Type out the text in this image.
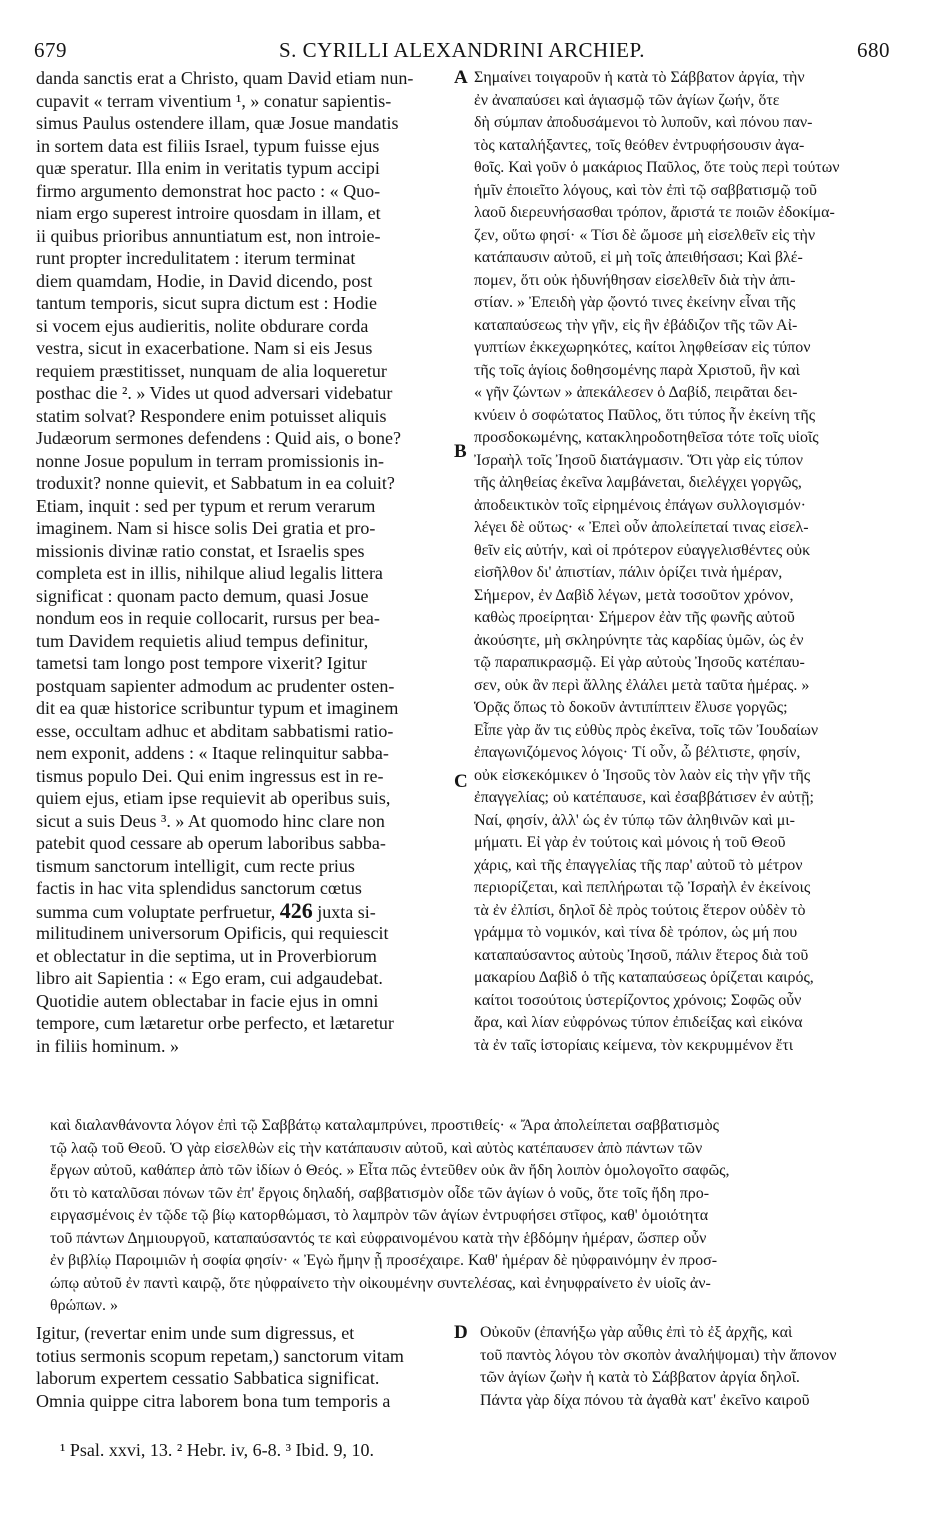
679	S. CYRILLI ALEXANDRINI ARCHIEP.	680
danda sanctis erat a Christo, quam David etiam nun-
cupavit « terram viventium ¹, » conatur sapientis-
simus Paulus ostendere illam, quæ Josue mandatis
in sortem data est filiis Israel, typum fuisse ejus
quæ speratur. Illa enim in veritatis typum accipi
firmo argumento demonstrat hoc pacto : « Quo-
niam ergo superest introire quosdam in illam, et
ii quibus prioribus annuntiatum est, non introie-
runt propter incredulitatem : iterum terminat
diem quamdam, Hodie, in David dicendo, post
tantum temporis, sicut supra dictum est : Hodie
si vocem ejus audieritis, nolite obdurare corda
vestra, sicut in exacerbatione. Nam si eis Jesus
requiem præstitisset, nunquam de alia loqueretur
posthac die ². » Vides ut quod adversari videbatur
statim solvat? Respondere enim potuisset aliquis
Judæorum sermones defendens : Quid ais, o bone?
nonne Josue populum in terram promissionis in-
troduxit? nonne quievit, et Sabbatum in ea coluit?
Etiam, inquit : sed per typum et rerum verarum
imaginem. Nam si hisce solis Dei gratia et pro-
missionis divinæ ratio constat, et Israelis spes
completa est in illis, nihilque aliud legalis littera
significat : quonam pacto demum, quasi Josue
nondum eos in requie collocarit, rursus per bea-
tum Davidem requietis aliud tempus definitur,
tametsi tam longo post tempore vixerit? Igitur
postquam sapienter admodum ac prudenter osten-
dit ea quæ historice scribuntur typum et imaginem
esse, occultam adhuc et abditam sabbatismi ratio-
nem exponit, addens : « Itaque relinquitur sabba-
tismus populo Dei. Qui enim ingressus est in re-
quiem ejus, etiam ipse requievit ab operibus suis,
sicut a suis Deus ³. » At quomodo hinc clare non
patebit quod cessare ab operum laboribus sabba-
tismum sanctorum intelligit, cum recte prius
factis in hac vita splendidus sanctorum cœtus
summa cum voluptate perfruetur, 426 juxta si-
militudinem universorum Opificis, qui requiescit
et oblectatur in die septima, ut in Proverbiorum
libro ait Sapientia : « Ego eram, cui adgaudebat.
Quotidie autem oblectabar in facie ejus in omni
tempore, cum lætaretur orbe perfecto, et lætaretur
in filiis hominum. »
Σημαίνει τοιγαροῦν ἡ κατὰ τὸ Σάββατον ἀργία, τὴν
ἐν ἀναπαύσει καὶ ἁγιασμῷ τῶν ἁγίων ζωήν, ὅτε
δὴ σύμπαν ἀποδυσάμενοι τὸ λυποῦν, καὶ πόνου παν-
τὸς καταλήξαντες, τοῖς θεόθεν ἐντρυφήσουσιν ἀγα-
θοῖς. Καὶ γοῦν ὁ μακάριος Παῦλος, ὅτε τοὺς περὶ τούτων
ἡμῖν ἐποιεῖτο λόγους, καὶ τὸν ἐπὶ τῷ σαββατισμῷ τοῦ
λαοῦ διερευνήσασθαι τρόπον, ἄριστά τε ποιῶν ἐδοκίμα-
ζεν, οὕτω φησί· « Τίσι δὲ ὤμοσε μὴ εἰσελθεῖν εἰς τὴν
κατάπαυσιν αὐτοῦ, εἰ μὴ τοῖς ἀπειθήσασι; Καὶ βλέ-
πομεν, ὅτι οὐκ ἠδυνήθησαν εἰσελθεῖν διὰ τὴν ἀπι-
στίαν. » Ἐπειδὴ γὰρ ᾤοντό τινες ἐκείνην εἶναι τῆς
καταπαύσεως τὴν γῆν, εἰς ἣν ἐβάδιζον τῆς τῶν Αἰ-
γυπτίων ἐκκεχωρηκότες, καίτοι ληφθείσαν εἰς τύπον
τῆς τοῖς ἁγίοις δοθησομένης παρὰ Χριστοῦ, ἣν καὶ
« γῆν ζώντων » ἀπεκάλεσεν ὁ Δαβίδ, πειρᾶται δει-
κνύειν ὁ σοφώτατος Παῦλος, ὅτι τύπος ἦν ἐκείνη τῆς
προσδοκωμένης, κατακληροδοτηθεῖσα τότε τοῖς υἱοῖς
Ἰσραὴλ τοῖς Ἰησοῦ διατάγμασιν. Ὅτι γὰρ εἰς τύπον
τῆς ἀληθείας ἐκεῖνα λαμβάνεται, διελέγχει γοργῶς,
ἀποδεικτικὸν τοῖς εἰρημένοις ἐπάγων συλλογισμόν·
λέγει δὲ οὕτως· « Ἐπεὶ οὖν ἀπολείπεταί τινας εἰσελ-
θεῖν εἰς αὐτήν, καὶ οἱ πρότερον εὐαγγελισθέντες οὐκ
εἰσῆλθον δι' ἀπιστίαν, πάλιν ὁρίζει τινὰ ἡμέραν,
Σήμερον, ἐν Δαβὶδ λέγων, μετὰ τοσοῦτον χρόνον,
καθὼς προείρηται· Σήμερον ἐὰν τῆς φωνῆς αὐτοῦ
ἀκούσητε, μὴ σκληρύνητε τὰς καρδίας ὑμῶν, ὡς ἐν
τῷ παραπικρασμῷ. Εἰ γὰρ αὐτοὺς Ἰησοῦς κατέπαυ-
σεν, οὐκ ἂν περὶ ἄλλης ἐλάλει μετὰ ταῦτα ἡμέρας. »
Ὁρᾷς ὅπως τὸ δοκοῦν ἀντιπίπτειν ἔλυσε γοργῶς;
Εἶπε γὰρ ἄν τις εὐθὺς πρὸς ἐκεῖνα, τοῖς τῶν Ἰουδαίων
ἐπαγωνιζόμενος λόγοις· Τί οὖν, ὦ βέλτιστε, φησίν,
οὐκ εἰσκεκόμικεν ὁ Ἰησοῦς τὸν λαὸν εἰς τὴν γῆν τῆς
ἐπαγγελίας; οὐ κατέπαυσε, καὶ ἐσαββάτισεν ἐν αὐτῇ;
Ναί, φησίν, ἀλλ' ὡς ἐν τύπῳ τῶν ἀληθινῶν καὶ μι-
μήματι. Εἰ γὰρ ἐν τούτοις καὶ μόνοις ἡ τοῦ Θεοῦ
χάρις, καὶ τῆς ἐπαγγελίας τῆς παρ' αὐτοῦ τὸ μέτρον
περιορίζεται, καὶ πεπλήρωται τῷ Ἰσραὴλ ἐν ἐκείνοις
τὰ ἐν ἐλπίσι, δηλοῖ δὲ πρὸς τούτοις ἕτερον οὐδὲν τὸ
γράμμα τὸ νομικόν, καὶ τίνα δὲ τρόπον, ὡς μή που
καταπαύσαντος αὐτοὺς Ἰησοῦ, πάλιν ἕτερος διὰ τοῦ
μακαρίου Δαβὶδ ὁ τῆς καταπαύσεως ὁρίζεται καιρός,
καίτοι τοσούτοις ὑστερίζοντος χρόνοις; Σοφῶς οὖν
ἄρα, καὶ λίαν εὐφρόνως τύπον ἐπιδείξας καὶ εἰκόνα
τὰ ἐν ταῖς ἱστορίαις κείμενα, τὸν κεκρυμμένον ἔτι
A
B
C
D
καὶ διαλανθάνοντα λόγον ἐπὶ τῷ Σαββάτῳ καταλαμπρύνει, προστιθείς· « Ἄρα ἀπολείπεται σαββατισμὸς
τῷ λαῷ τοῦ Θεοῦ. Ὁ γὰρ εἰσελθὼν εἰς τὴν κατάπαυσιν αὐτοῦ, καὶ αὐτὸς κατέπαυσεν ἀπὸ πάντων τῶν
ἔργων αὐτοῦ, καθάπερ ἀπὸ τῶν ἰδίων ὁ Θεός. » Εἶτα πῶς ἐντεῦθεν οὐκ ἂν ἤδη λοιπὸν ὁμολογοῖτο σαφῶς,
ὅτι τὸ καταλῦσαι πόνων τῶν ἐπ' ἔργοις δηλαδή, σαββατισμὸν οἶδε τῶν ἁγίων ὁ νοῦς, ὅτε τοῖς ἤδη προ-
ειργασμένοις ἐν τῷδε τῷ βίῳ κατορθώμασι, τὸ λαμπρὸν τῶν ἁγίων ἐντρυφήσει στῖφος, καθ' ὁμοιότητα
τοῦ πάντων Δημιουργοῦ, καταπαύσαντός τε καὶ εὐφραινομένου κατὰ τὴν ἑβδόμην ἡμέραν, ὥσπερ οὖν
ἐν βιβλίῳ Παροιμιῶν ἡ σοφία φησίν· « Ἐγὼ ἤμην ᾗ προσέχαιρε. Καθ' ἡμέραν δὲ ηὐφραινόμην ἐν προσ-
ώπῳ αὐτοῦ ἐν παντὶ καιρῷ, ὅτε ηὐφραίνετο τὴν οἰκουμένην συντελέσας, καὶ ἐνηυφραίνετο ἐν υἱοῖς ἀν-
θρώπων. »
Igitur, (revertar enim unde sum digressus, et
totius sermonis scopum repetam,) sanctorum vitam
laborum expertem cessatio Sabbatica significat.
Omnia quippe citra laborem bona tum temporis a
Οὐκοῦν (ἐπανήξω γὰρ αὖθις ἐπὶ τὸ ἐξ ἀρχῆς, καὶ
τοῦ παντὸς λόγου τὸν σκοπὸν ἀναλήψομαι) τὴν ἄπονον
τῶν ἁγίων ζωὴν ἡ κατὰ τὸ Σάββατον ἀργία δηλοῖ.
Πάντα γὰρ δίχα πόνου τὰ ἀγαθὰ κατ' ἐκεῖνο καιροῦ
¹ Psal. xxvi, 13. ² Hebr. iv, 6-8. ³ Ibid. 9, 10.
